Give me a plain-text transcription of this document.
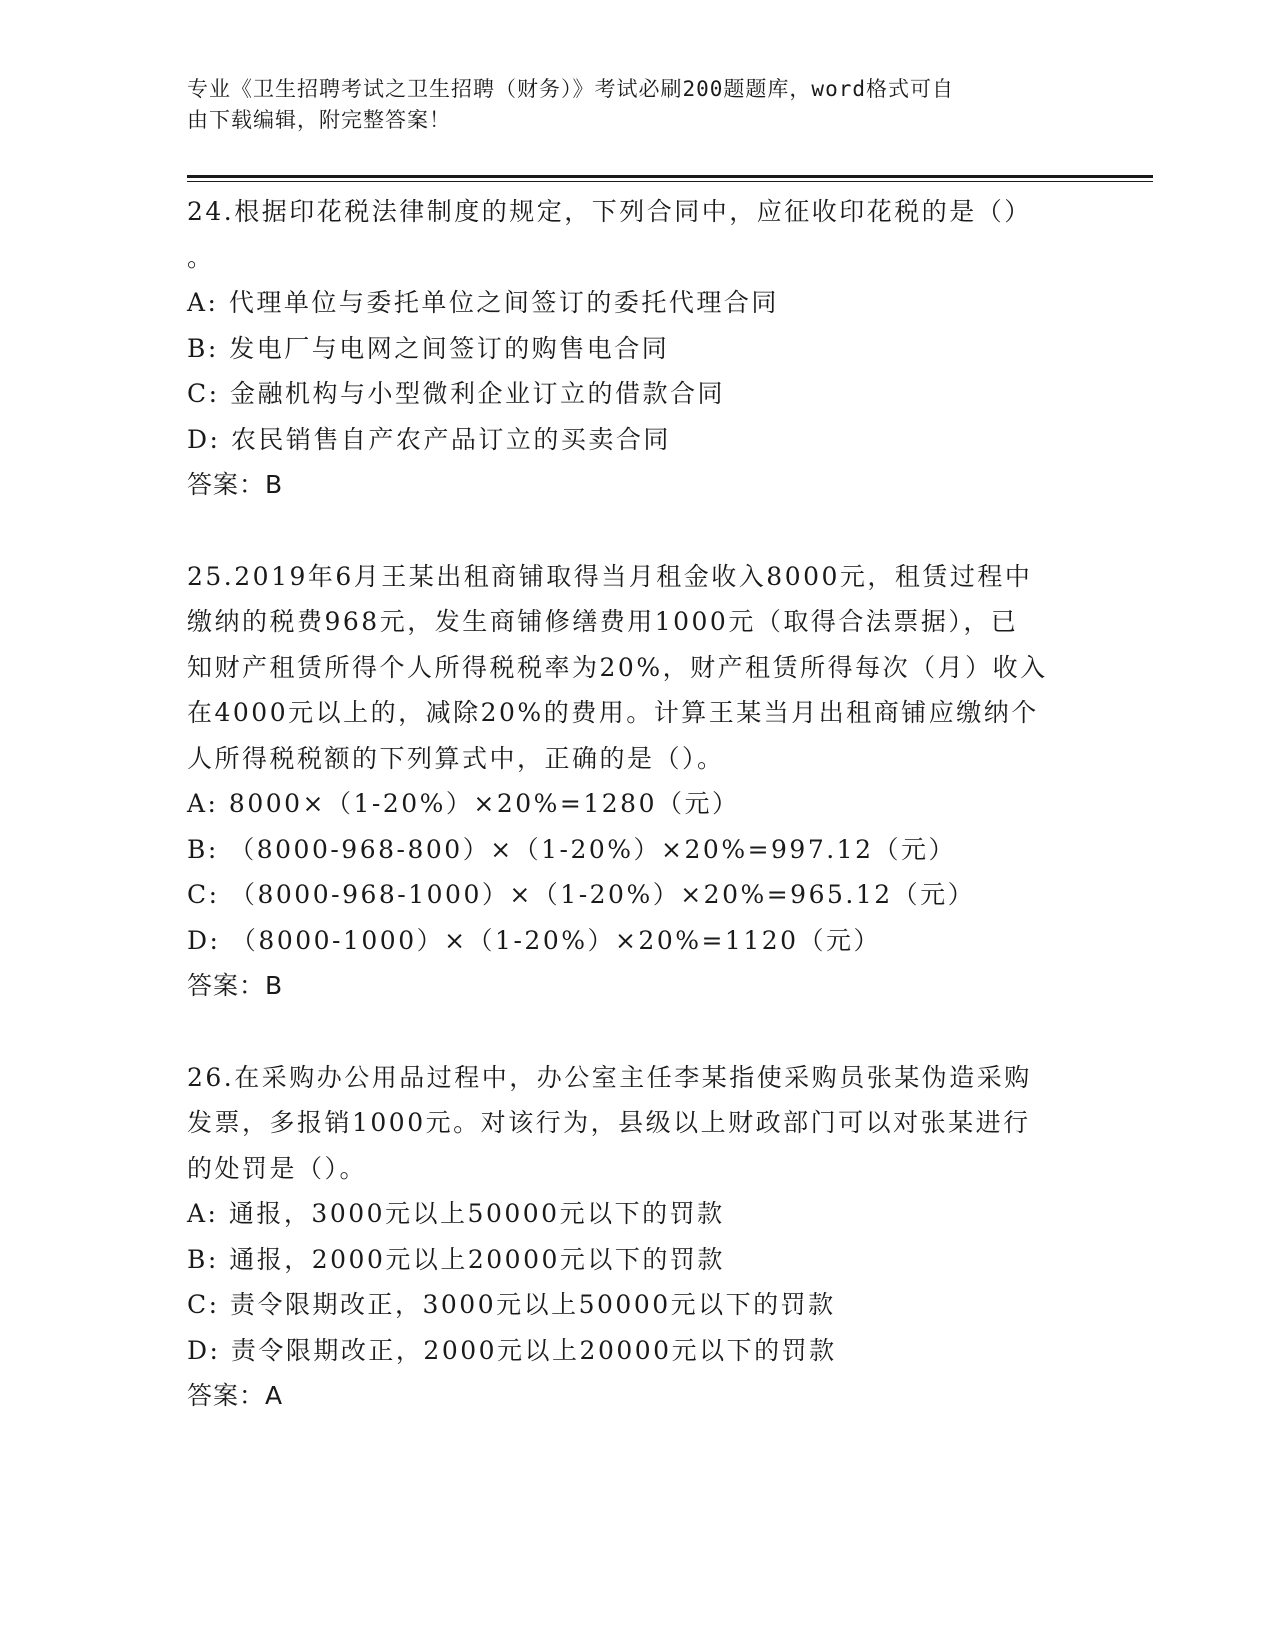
专业《卫生招聘考试之卫生招聘（财务）》考试必刷200题题库，word格式可自
由下载编辑，附完整答案！

24.根据印花税法律制度的规定，下列合同中，应征收印花税的是（）

。

A: 代理单位与委托单位之间签订的委托代理合同

B: 发电厂与电网之间签订的购售电合同

C: 金融机构与小型微利企业订立的借款合同

D: 农民销售自产农产品订立的买卖合同

答案：B

25.2019年6月王某出租商铺取得当月租金收入8000元，租赁过程中

缴纳的税费968元，发生商铺修缮费用1000元（取得合法票据），已

知财产租赁所得个人所得税税率为20%，财产租赁所得每次（月）收入

在4000元以上的，减除20%的费用。计算王某当月出租商铺应缴纳个

人所得税税额的下列算式中，正确的是（）。

A: 8000×（1-20%）×20%=1280（元）

B: （8000-968-800）×（1-20%）×20%=997.12（元）

C: （8000-968-1000）×（1-20%）×20%=965.12（元）

D: （8000-1000）×（1-20%）×20%=1120（元）

答案：B

26.在采购办公用品过程中，办公室主任李某指使采购员张某伪造采购

发票，多报销1000元。对该行为，县级以上财政部门可以对张某进行

的处罚是（）。

A: 通报，3000元以上50000元以下的罚款

B: 通报，2000元以上20000元以下的罚款

C: 责令限期改正，3000元以上50000元以下的罚款

D: 责令限期改正，2000元以上20000元以下的罚款

答案：A
